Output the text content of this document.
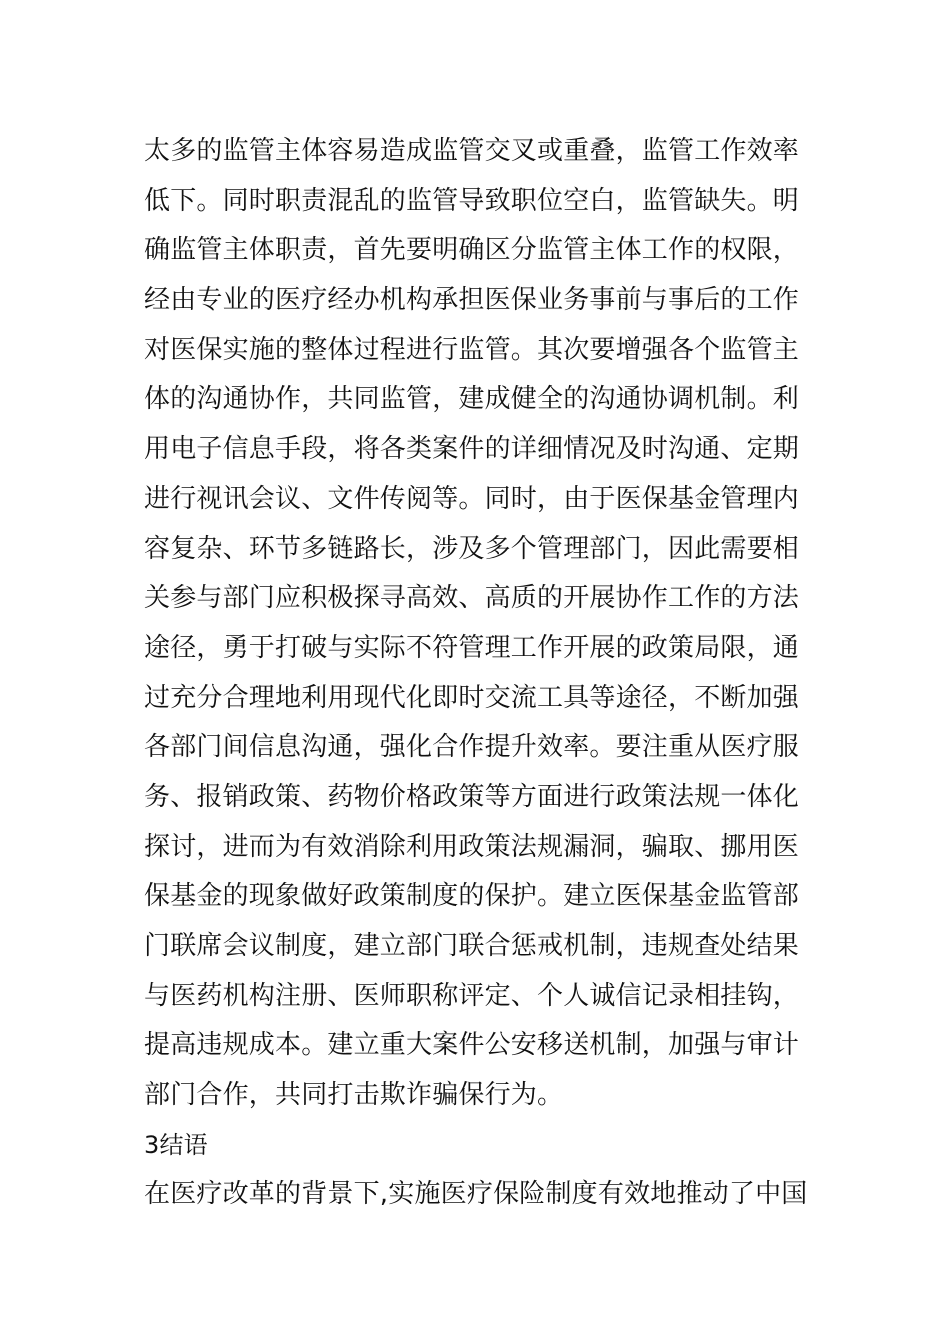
太多的监管主体容易造成监管交叉或重叠，监管工作效率
低下。同时职责混乱的监管导致职位空白，监管缺失。明
确监管主体职责，首先要明确区分监管主体工作的权限，
经由专业的医疗经办机构承担医保业务事前与事后的工作
对医保实施的整体过程进行监管。其次要增强各个监管主
体的沟通协作，共同监管，建成健全的沟通协调机制。利
用电子信息手段，将各类案件的详细情况及时沟通、定期
进行视讯会议、文件传阅等。同时，由于医保基金管理内
容复杂、环节多链路长，涉及多个管理部门，因此需要相
关参与部门应积极探寻高效、高质的开展协作工作的方法
途径，勇于打破与实际不符管理工作开展的政策局限，通
过充分合理地利用现代化即时交流工具等途径，不断加强
各部门间信息沟通，强化合作提升效率。要注重从医疗服
务、报销政策、药物价格政策等方面进行政策法规一体化
探讨，进而为有效消除利用政策法规漏洞，骗取、挪用医
保基金的现象做好政策制度的保护。建立医保基金监管部
门联席会议制度，建立部门联合惩戒机制，违规查处结果
与医药机构注册、医师职称评定、个人诚信记录相挂钩，
提高违规成本。建立重大案件公安移送机制，加强与审计
部门合作，共同打击欺诈骗保行为。
3结语
在医疗改革的背景下,实施医疗保险制度有效地推动了中国
